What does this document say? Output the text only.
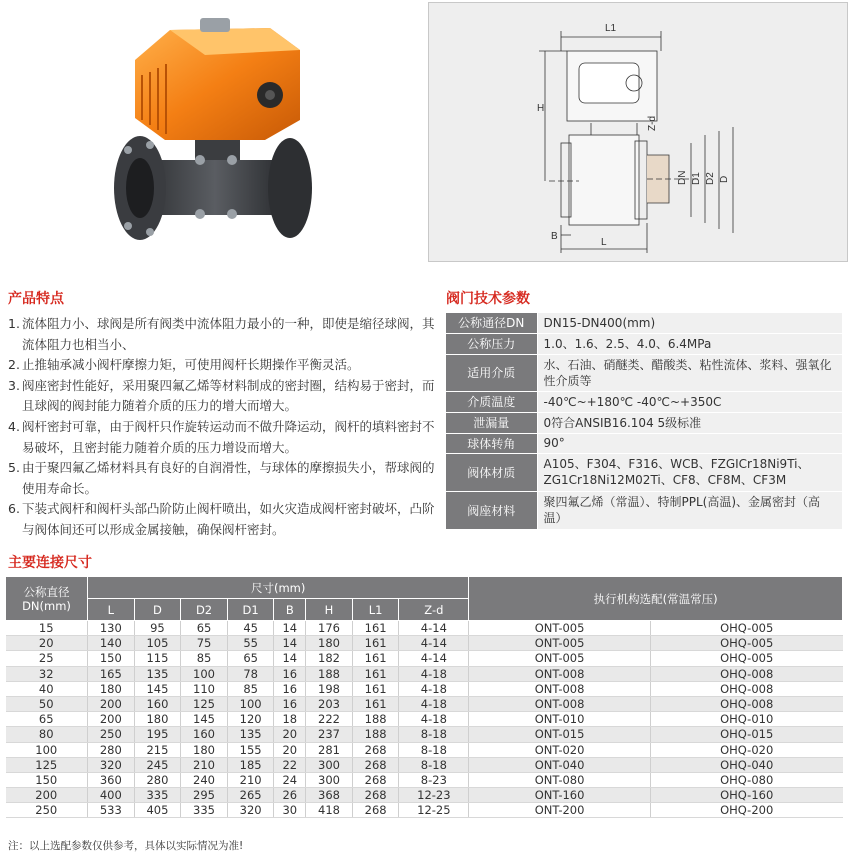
L1
H
Z-d
DN D1 D2 D
B
L
产品特点
1. 流体阻力小、球阀是所有阀类中流体阻力最小的一种，即使是缩径球阀，其流体阻力也相当小、
2. 止推轴承减小阀杆摩擦力矩，可使用阀杆长期操作平衡灵活。
3. 阀座密封性能好，采用聚四氟乙烯等材料制成的密封圈，结构易于密封，而且球阀的阀封能力随着介质的压力的增大而增大。
4. 阀杆密封可靠，由于阀杆只作旋转运动而不做升降运动，阀杆的填料密封不易破坏，且密封能力随着介质的压力增设而增大。
5. 由于聚四氟乙烯材料具有良好的自润滑性，与球体的摩擦损失小，帮球阀的使用寿命长。
6. 下装式阀杆和阀杆头部凸阶防止阀杆喷出，如火灾造成阀杆密封破坏，凸阶与阀体间还可以形成金属接触，确保阀杆密封。
阀门技术参数
公称通径DN	DN15-DN400(mm)
公称压力	1.0、1.6、2.5、4.0、6.4MPa
适用介质	水、石油、硝醚类、醋酸类、粘性流体、浆料、强氧化性介质等
介质温度	-40℃~+180℃ -40℃~+350C
泄漏量	0符合ANSIB16.104 5级标准
球体转角	90°
阀体材质	A105、F304、F316、WCB、FZGICr18Ni9Ti、ZG1Cr18Ni12M02Ti、CF8、CF8M、CF3M
阀座材料	聚四氟乙烯（常温）、特制PPL(高温)、金属密封（高温）
主要连接尺寸
公称直径DN(mm)	尺寸(mm)								执行机构选配(常温常压)	
	L	D	D2	D1	B	H	L1	Z-d		
15	130	95	65	45	14	176	161	4-14	ONT-005	OHQ-005
20	140	105	75	55	14	180	161	4-14	ONT-005	OHQ-005
25	150	115	85	65	14	182	161	4-14	ONT-005	OHQ-005
32	165	135	100	78	16	188	161	4-18	ONT-008	OHQ-008
40	180	145	110	85	16	198	161	4-18	ONT-008	OHQ-008
50	200	160	125	100	16	203	161	4-18	ONT-008	OHQ-008
65	200	180	145	120	18	222	188	4-18	ONT-010	OHQ-010
80	250	195	160	135	20	237	188	8-18	ONT-015	OHQ-015
100	280	215	180	155	20	281	268	8-18	ONT-020	OHQ-020
125	320	245	210	185	22	300	268	8-18	ONT-040	OHQ-040
150	360	280	240	210	24	300	268	8-23	ONT-080	OHQ-080
200	400	335	295	265	26	368	268	12-23	ONT-160	OHQ-160
250	533	405	335	320	30	418	268	12-25	ONT-200	OHQ-200
注：以上选配参数仅供参考，具体以实际情况为准!
